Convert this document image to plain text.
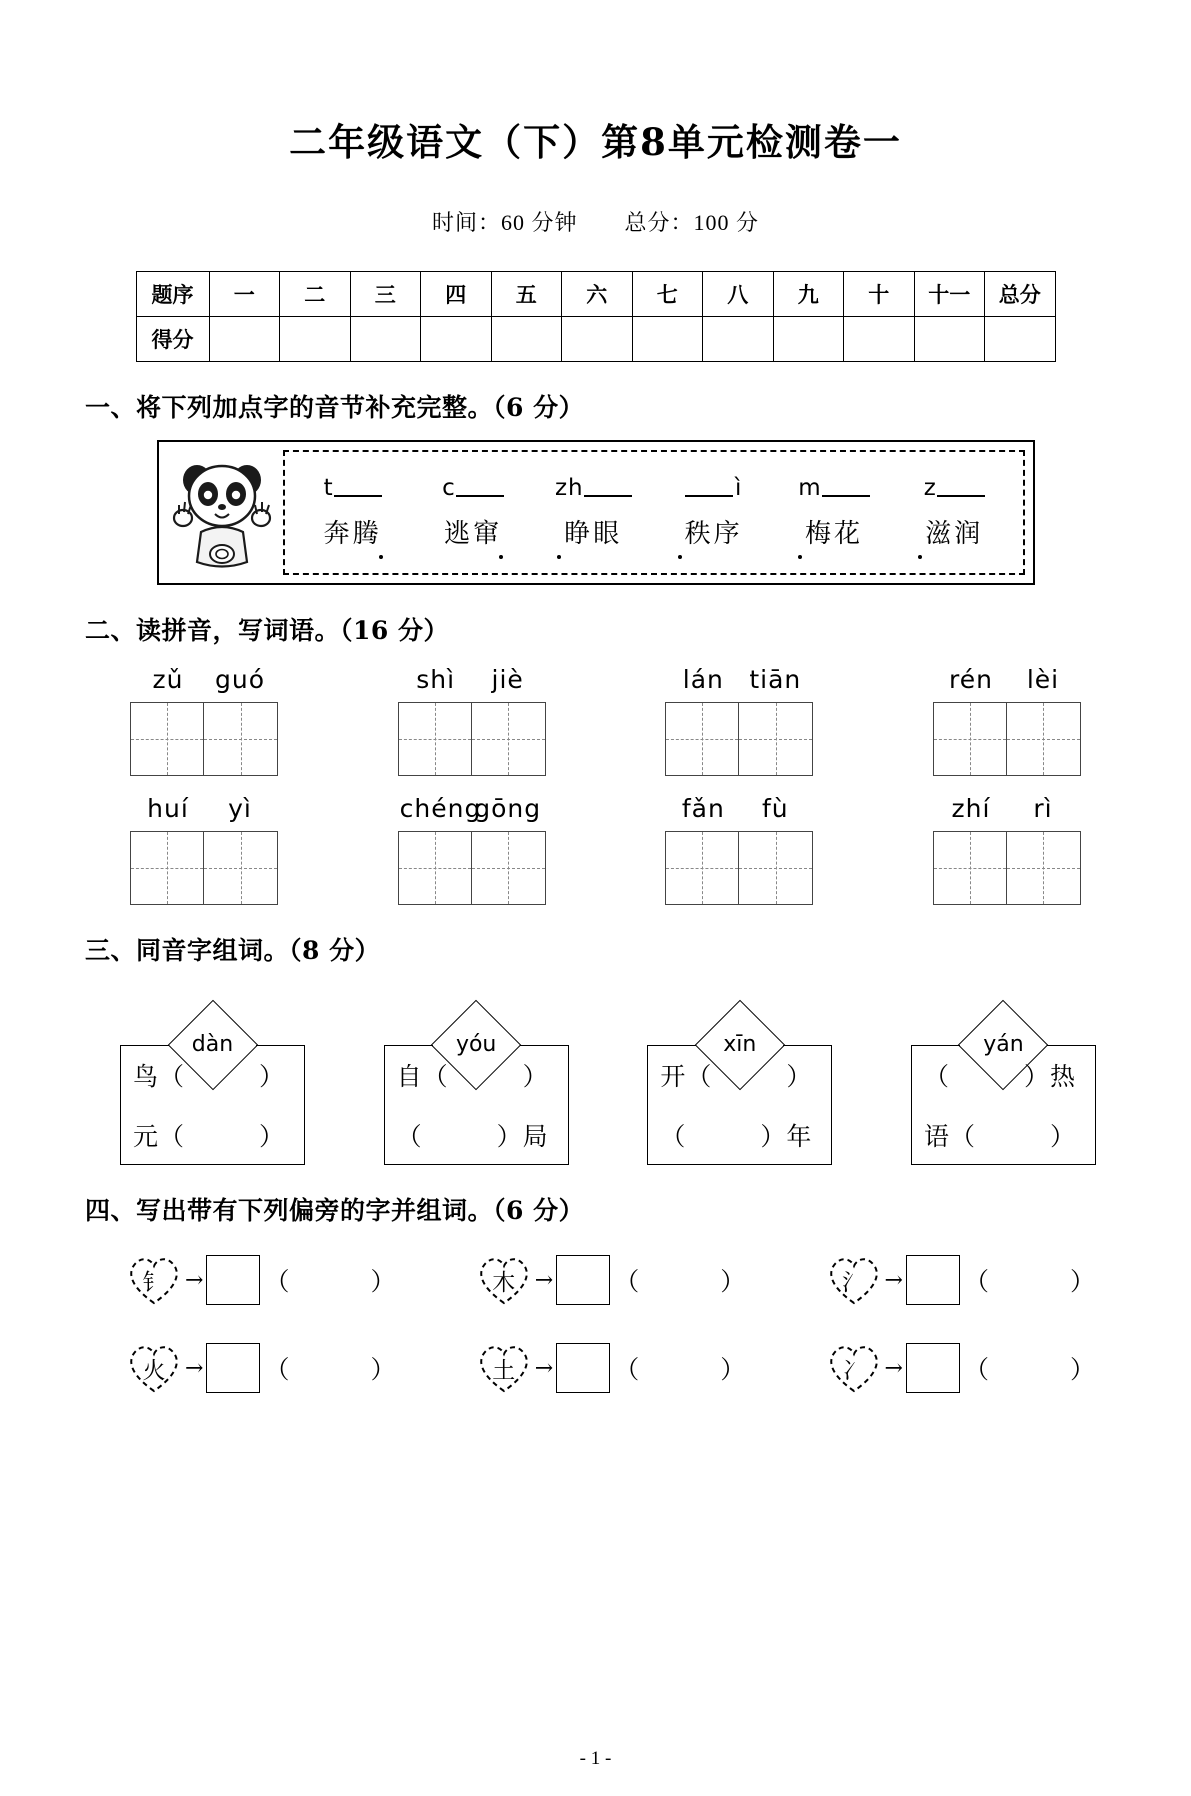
二年级语文（下）第8单元检测卷一
时间：60 分钟 总分：100 分
题序	一	二	三	四	五	六	七	八	九	十	十一	总分
得分												
一、将下列加点字的音节补充完整。（6 分）
t
奔腾
c
逃窜
zh
睁眼
ì
秩序
m
梅花
z
滋润
二、读拼音，写词语。（16 分）
zǔ guó	shì jiè	lán tiān	rén lèi
huí yì	chénggōng	fǎn fù	zhí rì
三、同音字组词。（8 分）
dàn
鸟（	）
元（	）
yóu
自（	）
（	）局
xīn
开（	）
（	）年
yán
（	）热
语（	）
四、写出带有下列偏旁的字并组词。（6 分）
钅 → （	）	木 → （	）	氵 → （	）
火 → （	）	土 → （	）	冫 → （	）
- 1 -
